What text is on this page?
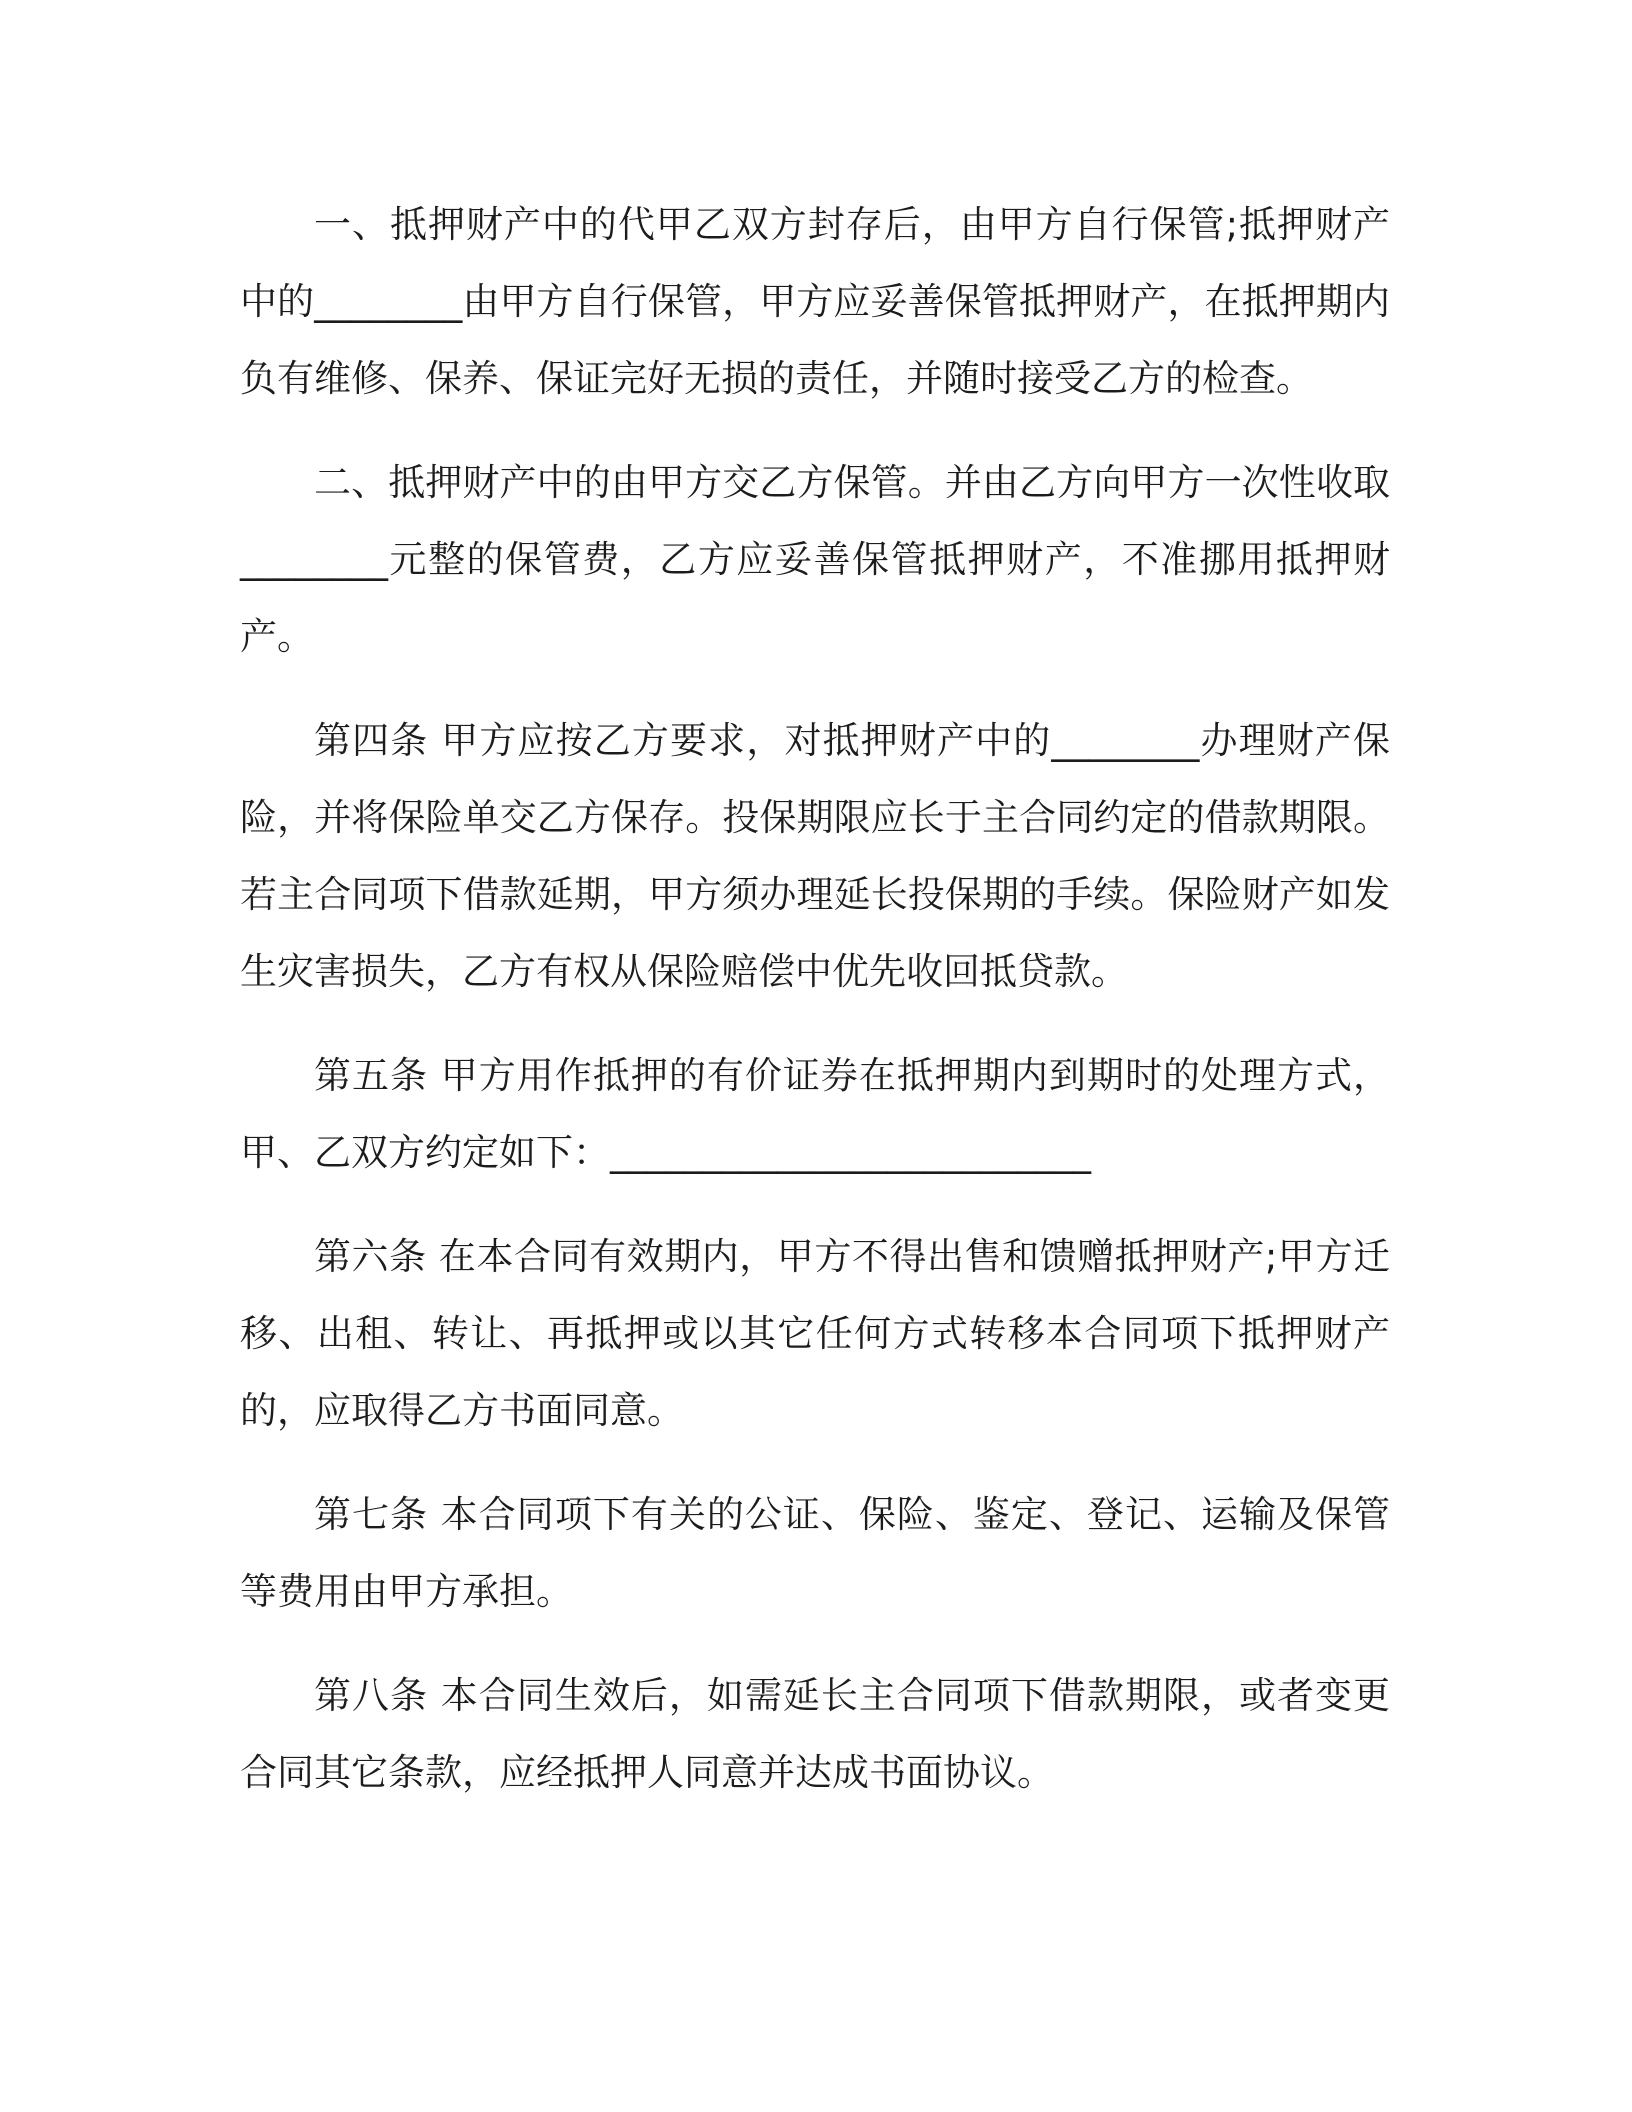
一、抵押财产中的代甲乙双方封存后，由甲方自行保管;抵押财产中的________由甲方自行保管，甲方应妥善保管抵押财产，在抵押期内负有维修、保养、保证完好无损的责任，并随时接受乙方的检查。

二、抵押财产中的由甲方交乙方保管。并由乙方向甲方一次性收取________元整的保管费，乙方应妥善保管抵押财产，不准挪用抵押财产。

第四条 甲方应按乙方要求，对抵押财产中的________办理财产保险，并将保险单交乙方保存。投保期限应长于主合同约定的借款期限。若主合同项下借款延期，甲方须办理延长投保期的手续。保险财产如发生灾害损失，乙方有权从保险赔偿中优先收回抵贷款。

第五条 甲方用作抵押的有价证券在抵押期内到期时的处理方式，甲、乙双方约定如下：__________________________

第六条 在本合同有效期内，甲方不得出售和馈赠抵押财产;甲方迁移、出租、转让、再抵押或以其它任何方式转移本合同项下抵押财产的，应取得乙方书面同意。

第七条 本合同项下有关的公证、保险、鉴定、登记、运输及保管等费用由甲方承担。

第八条 本合同生效后，如需延长主合同项下借款期限，或者变更合同其它条款，应经抵押人同意并达成书面协议。
